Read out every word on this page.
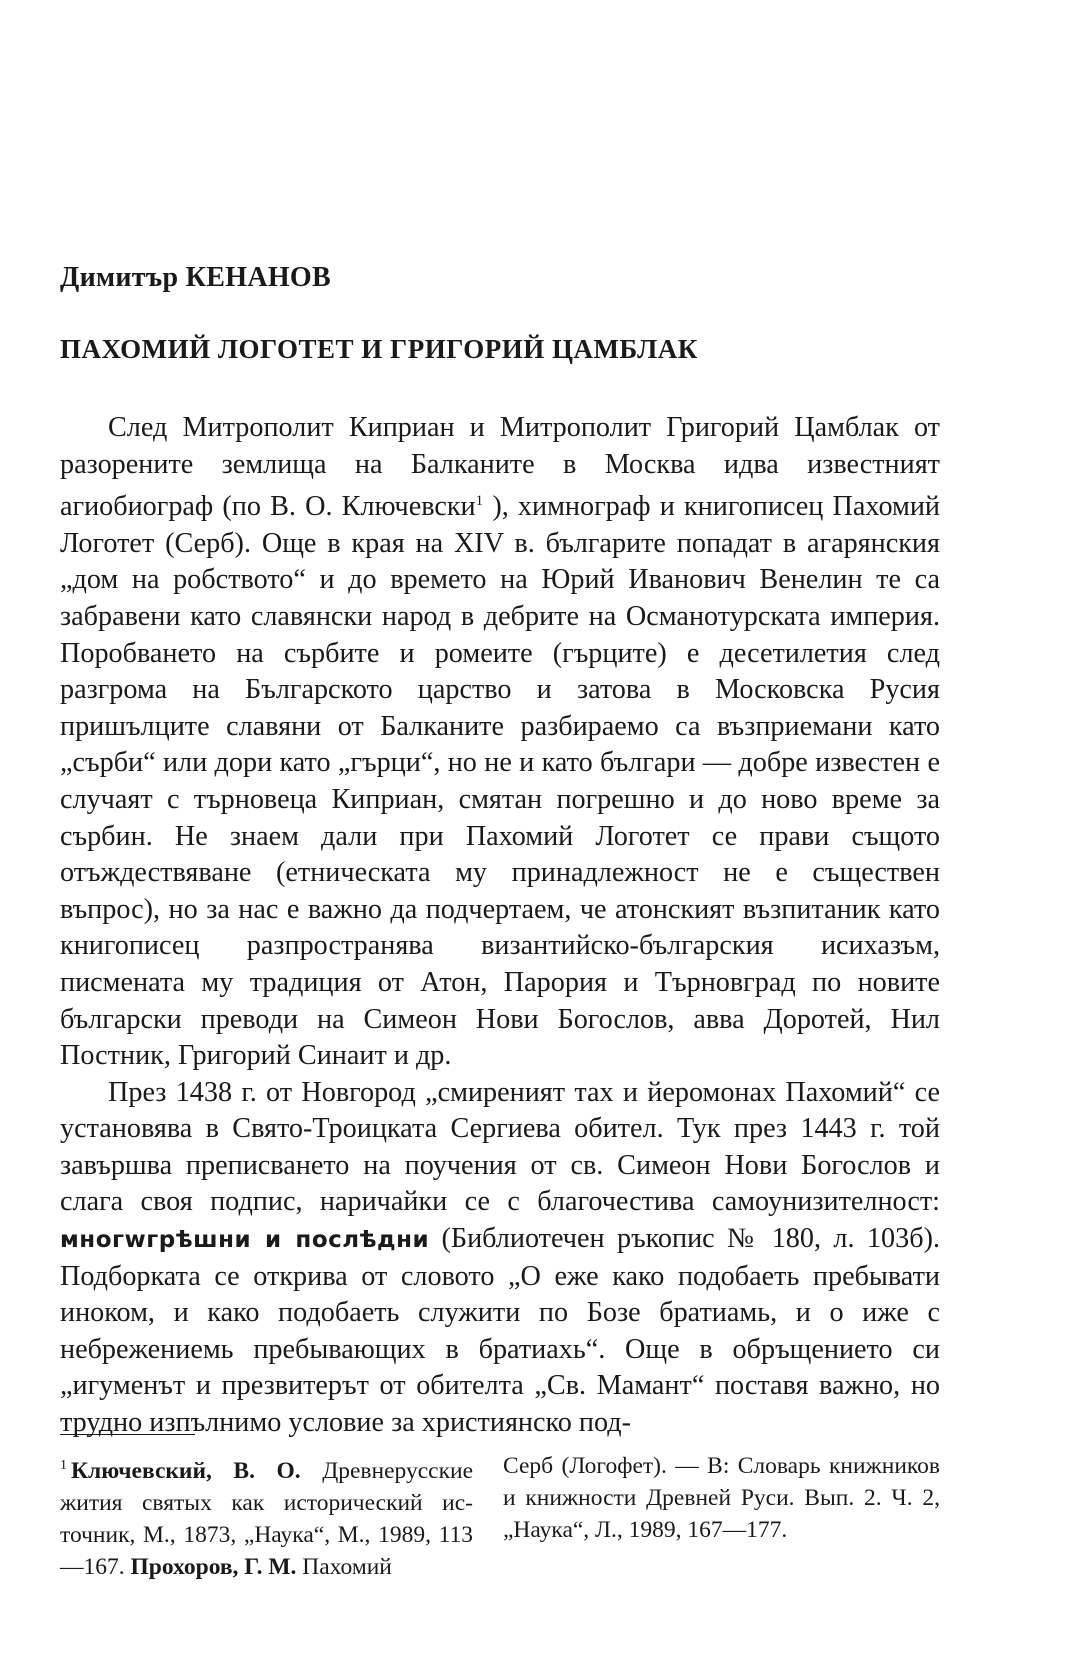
Димитър КЕНАНОВ
ПАХОМИЙ ЛОГОТЕТ И ГРИГОРИЙ ЦАМБЛАК

След Митрополит Киприан и Митрополит Григорий Цамблак от разорените землища на Балканите в Москва идва известният агиобиограф (по В. О. Ключевски$^1$ ), химнограф и книгописец Пахомий Логотет (Серб). Още в края на XIV в. българите попадат в агарянския „дом на робството“ и до времето на Юрий Иванович Венелин те са забравени като славянски народ в дебрите на Османотурската империя. Поробването на сърбите и ромеите (гърците) е десетилетия след разгрома на Българското царство и затова в Московска Русия пришълците славяни от Балканите разбираемо са възприемани като „сърби“ или дори като „гърци“, но не и като българи — добре известен е случаят с търновеца Киприан, смятан погрешно и до ново време за сърбин. Не знаем дали при Пахомий Логотет се прави същото отъждествяване (етническата му принадлежност не е съществен въпрос), но за нас е важно да подчертаем, че атонският възпитаник като книгописец разпространява византийско-българския исихазъм, писмената му традиция от Атон, Парория и Търновград по новите български преводи на Симеон Нови Богослов, авва Доротей, Нил Постник, Григорий Синаит и др.

През 1438 г. от Новгород „смиреният тах и йеромонах Пахомий“ се установява в Свято-Троицката Сергиева обител. Тук през 1443 г. той завършва преписването на поучения от св. Симеон Нови Богослов и слага своя подпис, наричайки се с благочестива самоунизителност: мнoгwгрѣшни и пocлѣдни (Библиотечен ръкопис № 180, л. 103б). Подборката се открива от словото „О еже како подобаеть пребывати иноком, и како подобаеть служити по Бозе братиамь, и о иже с небрежениемь пребывающих в братиахь“. Още в обръщението си „игуменът и презвитерът от обителта „Св. Мамант“ поставя важно, но трудно изпълнимо условие за християнско под-

$^1$ Ключевский, В. О. Древнерусские жития святых как исторический источник, М., 1873, „Наука“, М., 1989, 113—167. Прохоров, Г. М. Пахомий
Серб (Логофет). — В: Словарь книжников и книжности Древней Руси. Вып. 2. Ч. 2, „Наука“, Л., 1989, 167—177.
